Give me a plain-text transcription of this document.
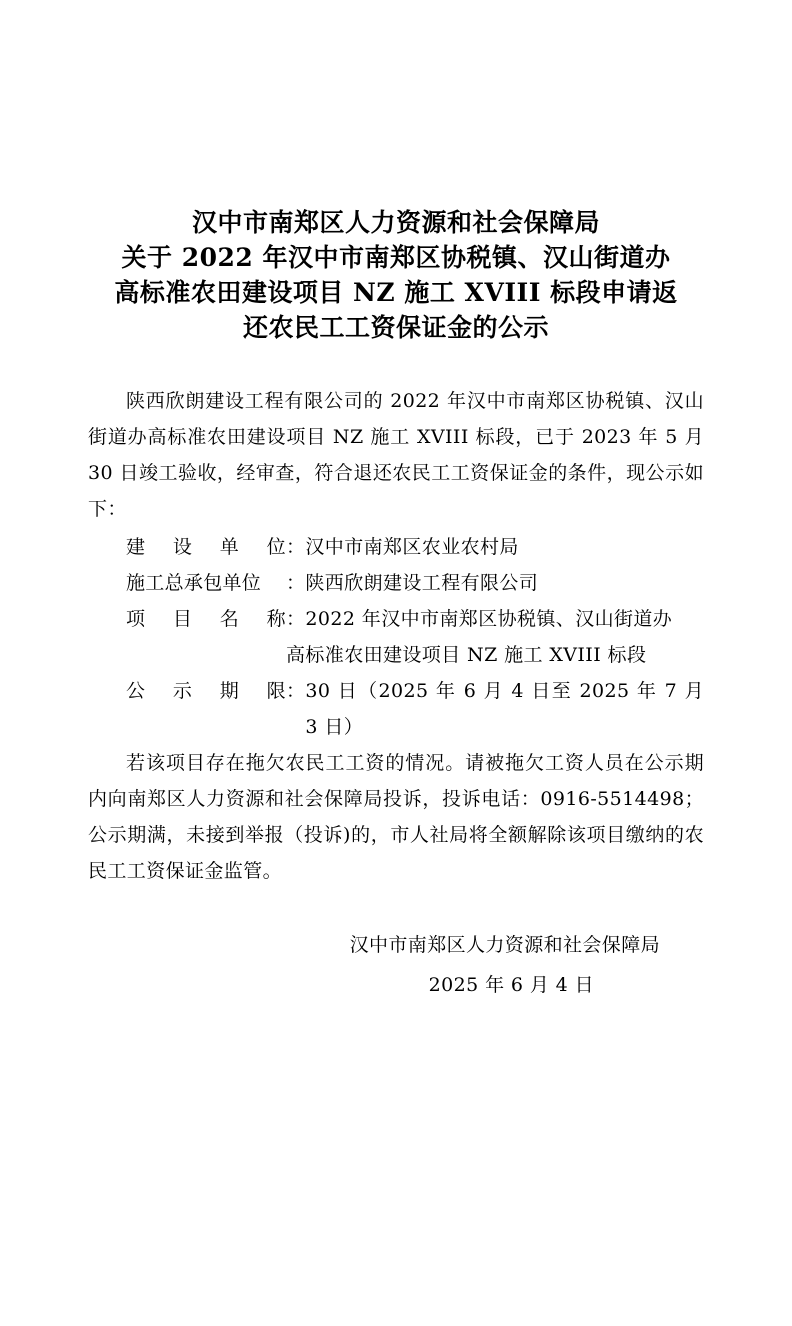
汉中市南郑区人力资源和社会保障局
关于 2022 年汉中市南郑区协税镇、汉山街道办
高标准农田建设项目 NZ 施工 XVIII 标段申请返
还农民工工资保证金的公示

陕西欣朗建设工程有限公司的 2022 年汉中市南郑区协税镇、汉山街道办高标准农田建设项目 NZ 施工 XVIII 标段，已于 2023 年 5 月 30 日竣工验收，经审查，符合退还农民工工资保证金的条件，现公示如下：

建 设 单 位 ： 汉中市南郑区农业农村局
施工总承包单位	： 陕西欣朗建设工程有限公司
项 目 名 称 ： 2022 年汉中市南郑区协税镇、汉山街道办
高标准农田建设项目 NZ 施工 XVIII 标段
公 示 期 限 ： 30 日（2025 年 6 月 4 日至 2025 年 7 月 3 日）

若该项目存在拖欠农民工工资的情况。请被拖欠工资人员在公示期内向南郑区人力资源和社会保障局投诉，投诉电话：0916-5514498；公示期满，未接到举报（投诉)的，市人社局将全额解除该项目缴纳的农民工工资保证金监管。

汉中市南郑区人力资源和社会保障局
2025 年 6 月 4 日
